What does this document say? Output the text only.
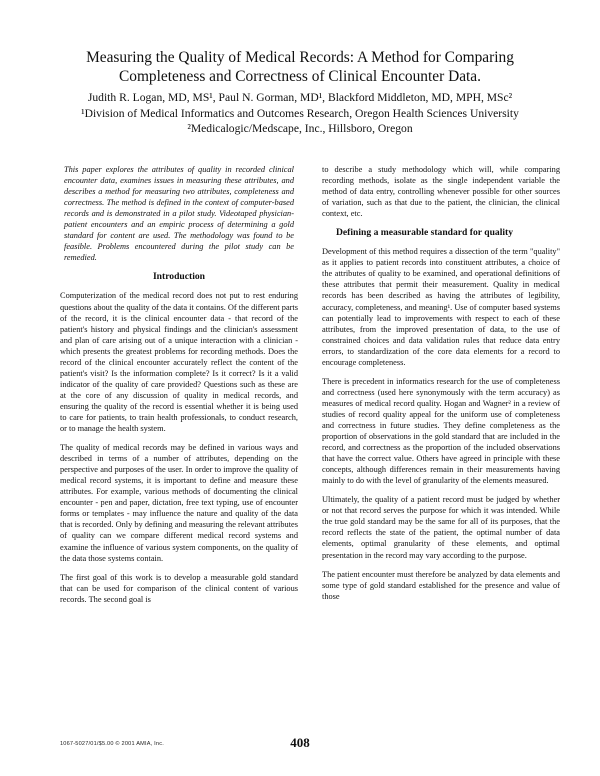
Measuring the Quality of Medical Records: A Method for Comparing
Completeness and Correctness of Clinical Encounter Data.
Judith R. Logan, MD, MS¹, Paul N. Gorman, MD¹, Blackford Middleton, MD, MPH, MSc²
¹Division of Medical Informatics and Outcomes Research, Oregon Health Sciences University
²Medicalogic/Medscape, Inc., Hillsboro, Oregon

This paper explores the attributes of quality in recorded clinical encounter data, examines issues in measuring these attributes, and describes a method for measuring two attributes, completeness and correctness. The method is defined in the context of computer-based records and is demonstrated in a pilot study. Videotaped physician-patient encounters and an empiric process of determining a gold standard for content are used. The methodology was found to be feasible. Problems encountered during the pilot study can be remedied.

Introduction

Computerization of the medical record does not put to rest enduring questions about the quality of the data it contains. Of the different parts of the record, it is the clinical encounter data - that record of the patient's history and physical findings and the clinician's assessment and plan of care arising out of a unique interaction with a clinician - which presents the greatest problems for recording methods. Does the record of the clinical encounter accurately reflect the content of the patient's visit? Is the information complete? Is it correct? Is it a valid indicator of the quality of care provided? Questions such as these are at the core of any discussion of quality in medical records, and ensuring the quality of the record is essential whether it is being used to care for patients, to train health professionals, to conduct research, or to manage the health system.

The quality of medical records may be defined in various ways and described in terms of a number of attributes, depending on the perspective and purposes of the user. In order to improve the quality of medical record systems, it is important to define and measure these attributes. For example, various methods of documenting the clinical encounter - pen and paper, dictation, free text typing, use of encounter forms or templates - may influence the nature and quality of the data that is recorded. Only by defining and measuring the relevant attributes of quality can we compare different medical record systems and examine the influence of various system components, on the quality of the data those systems contain.

The first goal of this work is to develop a measurable gold standard that can be used for comparison of the clinical content of various records. The second goal is

to describe a study methodology which will, while comparing recording methods, isolate as the single independent variable the method of data entry, controlling whenever possible for other sources of variation, such as that due to the patient, the clinician, the clinical context, etc.

Defining a measurable standard for quality

Development of this method requires a dissection of the term "quality" as it applies to patient records into constituent attributes, a choice of the attributes of quality to be examined, and operational definitions of these attributes that permit their measurement. Quality in medical records has been described as having the attributes of legibility, accuracy, completeness, and meaning¹. Use of computer based systems can potentially lead to improvements with respect to each of these attributes, from the improved presentation of data, to the use of constrained choices and data validation rules that reduce data entry errors, to standardization of the core data elements for a record to encourage completeness.

There is precedent in informatics research for the use of completeness and correctness (used here synonymously with the term accuracy) as measures of medical record quality. Hogan and Wagner² in a review of studies of record quality appeal for the uniform use of completeness and correctness in future studies. They define completeness as the proportion of observations in the gold standard that are included in the record, and correctness as the proportion of the included observations that have the correct value. Others have agreed in principle with these concepts, although differences remain in their measurements having mainly to do with the level of granularity of the elements measured.

Ultimately, the quality of a patient record must be judged by whether or not that record serves the purpose for which it was intended. While the true gold standard may be the same for all of its purposes, that the record reflects the state of the patient, the optimal number of data elements, optimal granularity of these elements, and optimal presentation in the record may vary according to the purpose.

The patient encounter must therefore be analyzed by data elements and some type of gold standard established for the presence and value of those

1067-5027/01/$5.00 © 2001 AMIA, Inc.	408
